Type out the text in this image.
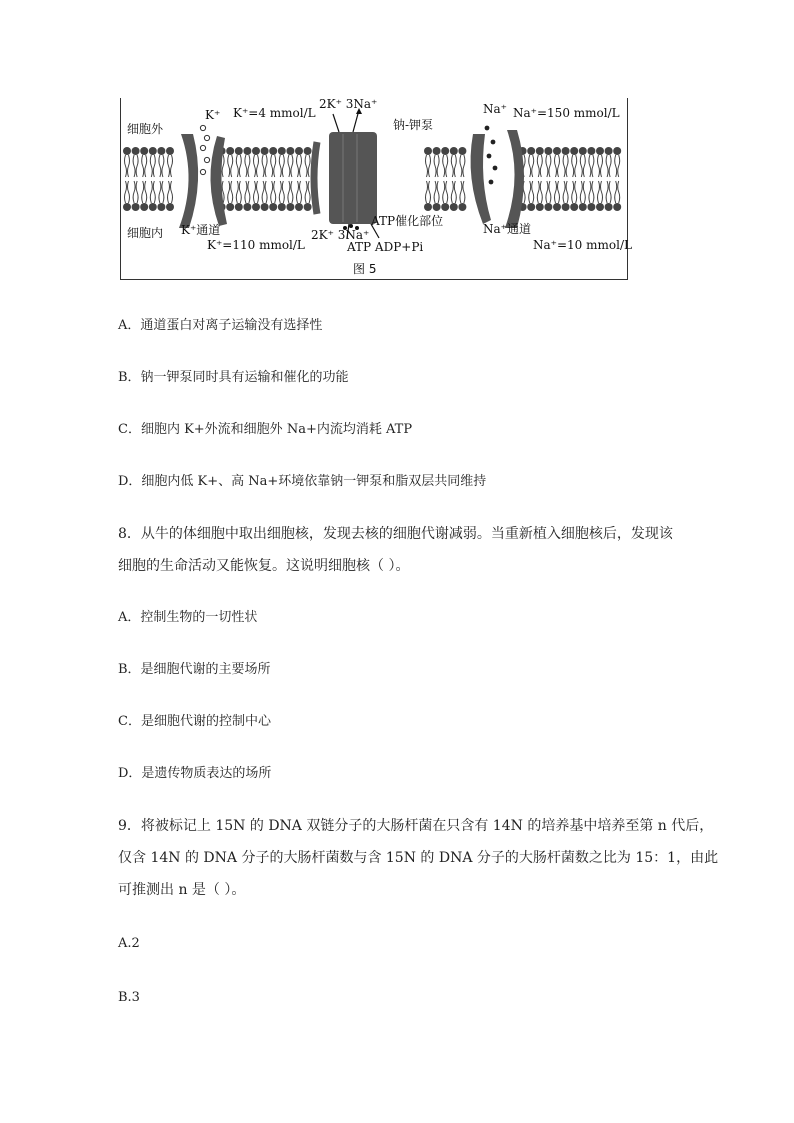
细胞外
细胞内
K⁺ K⁺=4 mmol/L
2K⁺ 3Na⁺
钠-钾泵
Na⁺ Na⁺=150 mmol/L
K⁺通道
K⁺=110 mmol/L
2K⁺ 3Na⁺
ATP催化部位
ATP ADP+Pi
Na⁺通道
Na⁺=10 mmol/L
图 5
A．通道蛋白对离子运输没有选择性
B．钠一钾泵同时具有运输和催化的功能
C．细胞内 K+外流和细胞外 Na+内流均消耗 ATP
D．细胞内低 K+、高 Na+环境依靠钠一钾泵和脂双层共同维持
8．从牛的体细胞中取出细胞核，发现去核的细胞代谢减弱。当重新植入细胞核后，发现该
细胞的生命活动又能恢复。这说明细胞核（ ）。
A．控制生物的一切性状
B．是细胞代谢的主要场所
C．是细胞代谢的控制中心
D．是遗传物质表达的场所
9．将被标记上 15N 的 DNA 双链分子的大肠杆菌在只含有 14N 的培养基中培养至第 n 代后，
仅含 14N 的 DNA 分子的大肠杆菌数与含 15N 的 DNA 分子的大肠杆菌数之比为 15：1，由此
可推测出 n 是（ ）。
A.2
B.3
